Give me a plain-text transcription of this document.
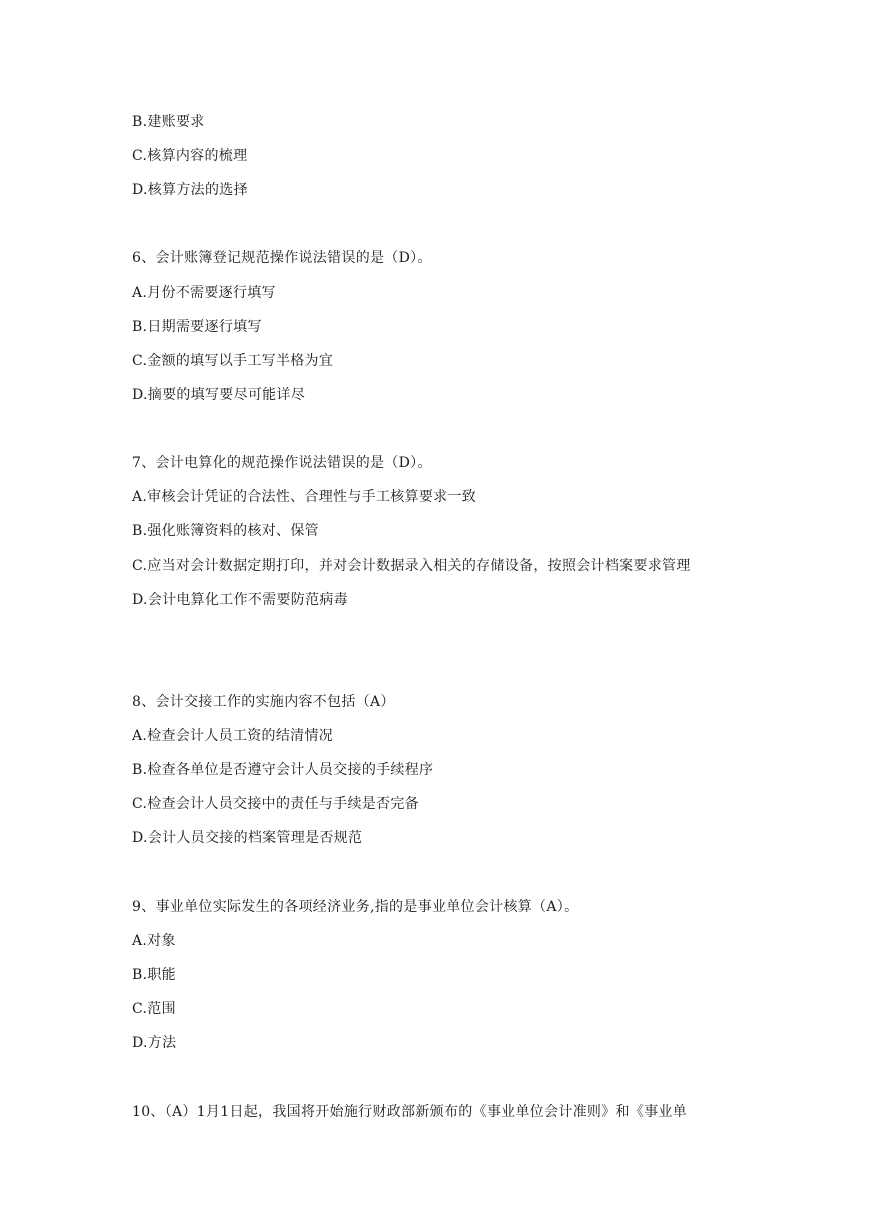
B.建账要求
C.核算内容的梳理
D.核算方法的选择
6、会计账簿登记规范操作说法错误的是（D）。
A.月份不需要逐行填写
B.日期需要逐行填写
C.金额的填写以手工写半格为宜
D.摘要的填写要尽可能详尽
7、会计电算化的规范操作说法错误的是（D）。
A.审核会计凭证的合法性、合理性与手工核算要求一致
B.强化账簿资料的核对、保管
C.应当对会计数据定期打印，并对会计数据录入相关的存储设备，按照会计档案要求管理
D.会计电算化工作不需要防范病毒
8、会计交接工作的实施内容不包括（A）
A.检查会计人员工资的结清情况
B.检查各单位是否遵守会计人员交接的手续程序
C.检查会计人员交接中的责任与手续是否完备
D.会计人员交接的档案管理是否规范
9、事业单位实际发生的各项经济业务,指的是事业单位会计核算（A）。
A.对象
B.职能
C.范围
D.方法
10、（A）1月1日起，我国将开始施行财政部新颁布的《事业单位会计准则》和《事业单
